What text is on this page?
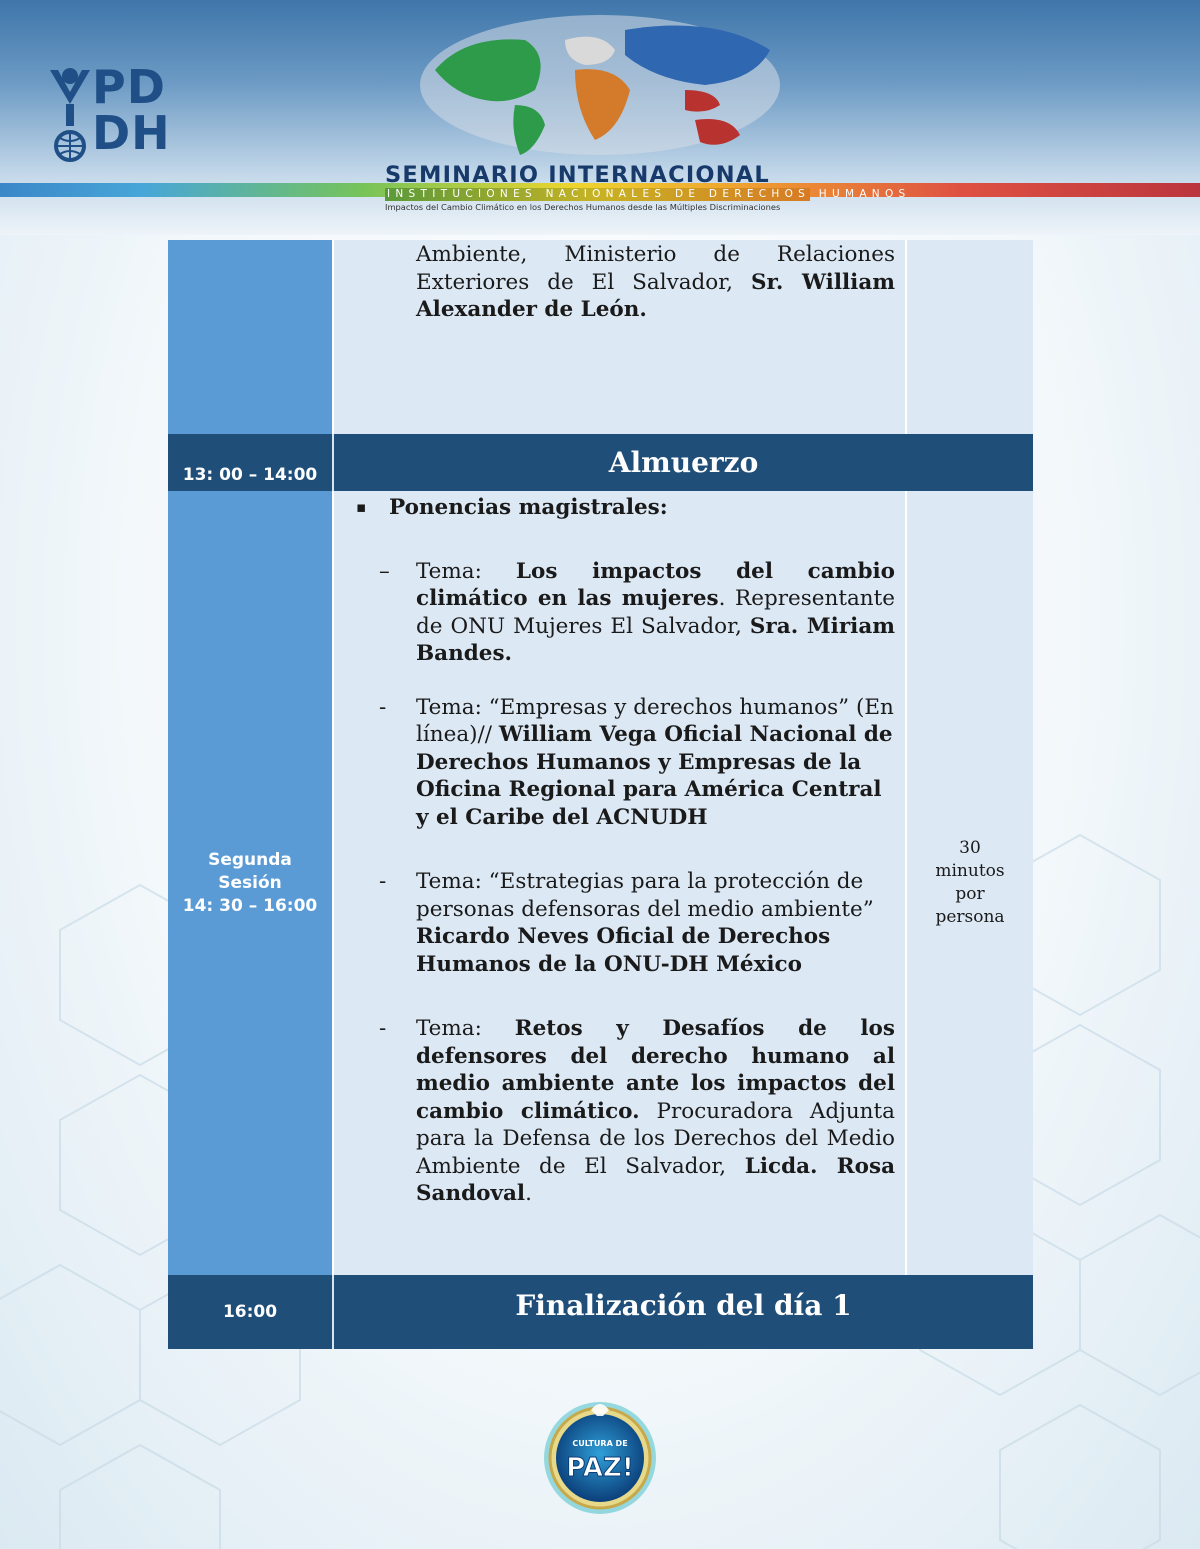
PD
DH
SEMINARIO INTERNACIONAL
INSTITUCIONES NACIONALES DE DERECHOS HUMANOS
Impactos del Cambio Climático en los Derechos Humanos desde las Múltiples Discriminaciones
Ambiente, Ministerio de Relaciones
Exteriores de El Salvador, Sr. William
Alexander de León.
13: 00 – 14:00	Almuerzo
Segunda
Sesión
14: 30 – 16:00
▪ Ponencias magistrales:
– Tema: Los impactos del cambio climático en las mujeres. Representante de ONU Mujeres El Salvador, Sra. Miriam Bandes.
- Tema: “Empresas y derechos humanos” (En línea)// William Vega Oficial Nacional de Derechos Humanos y Empresas de la Oficina Regional para América Central y el Caribe del ACNUDH
- Tema: “Estrategias para la protección de personas defensoras del medio ambiente” Ricardo Neves Oficial de Derechos Humanos de la ONU-DH México
- Tema: Retos y Desafíos de los defensores del derecho humano al medio ambiente ante los impactos del cambio climático. Procuradora Adjunta para la Defensa de los Derechos del Medio Ambiente de El Salvador, Licda. Rosa Sandoval.
30
minutos
por
persona
16:00	Finalización del día 1
CULTURA DE
PAZ!
